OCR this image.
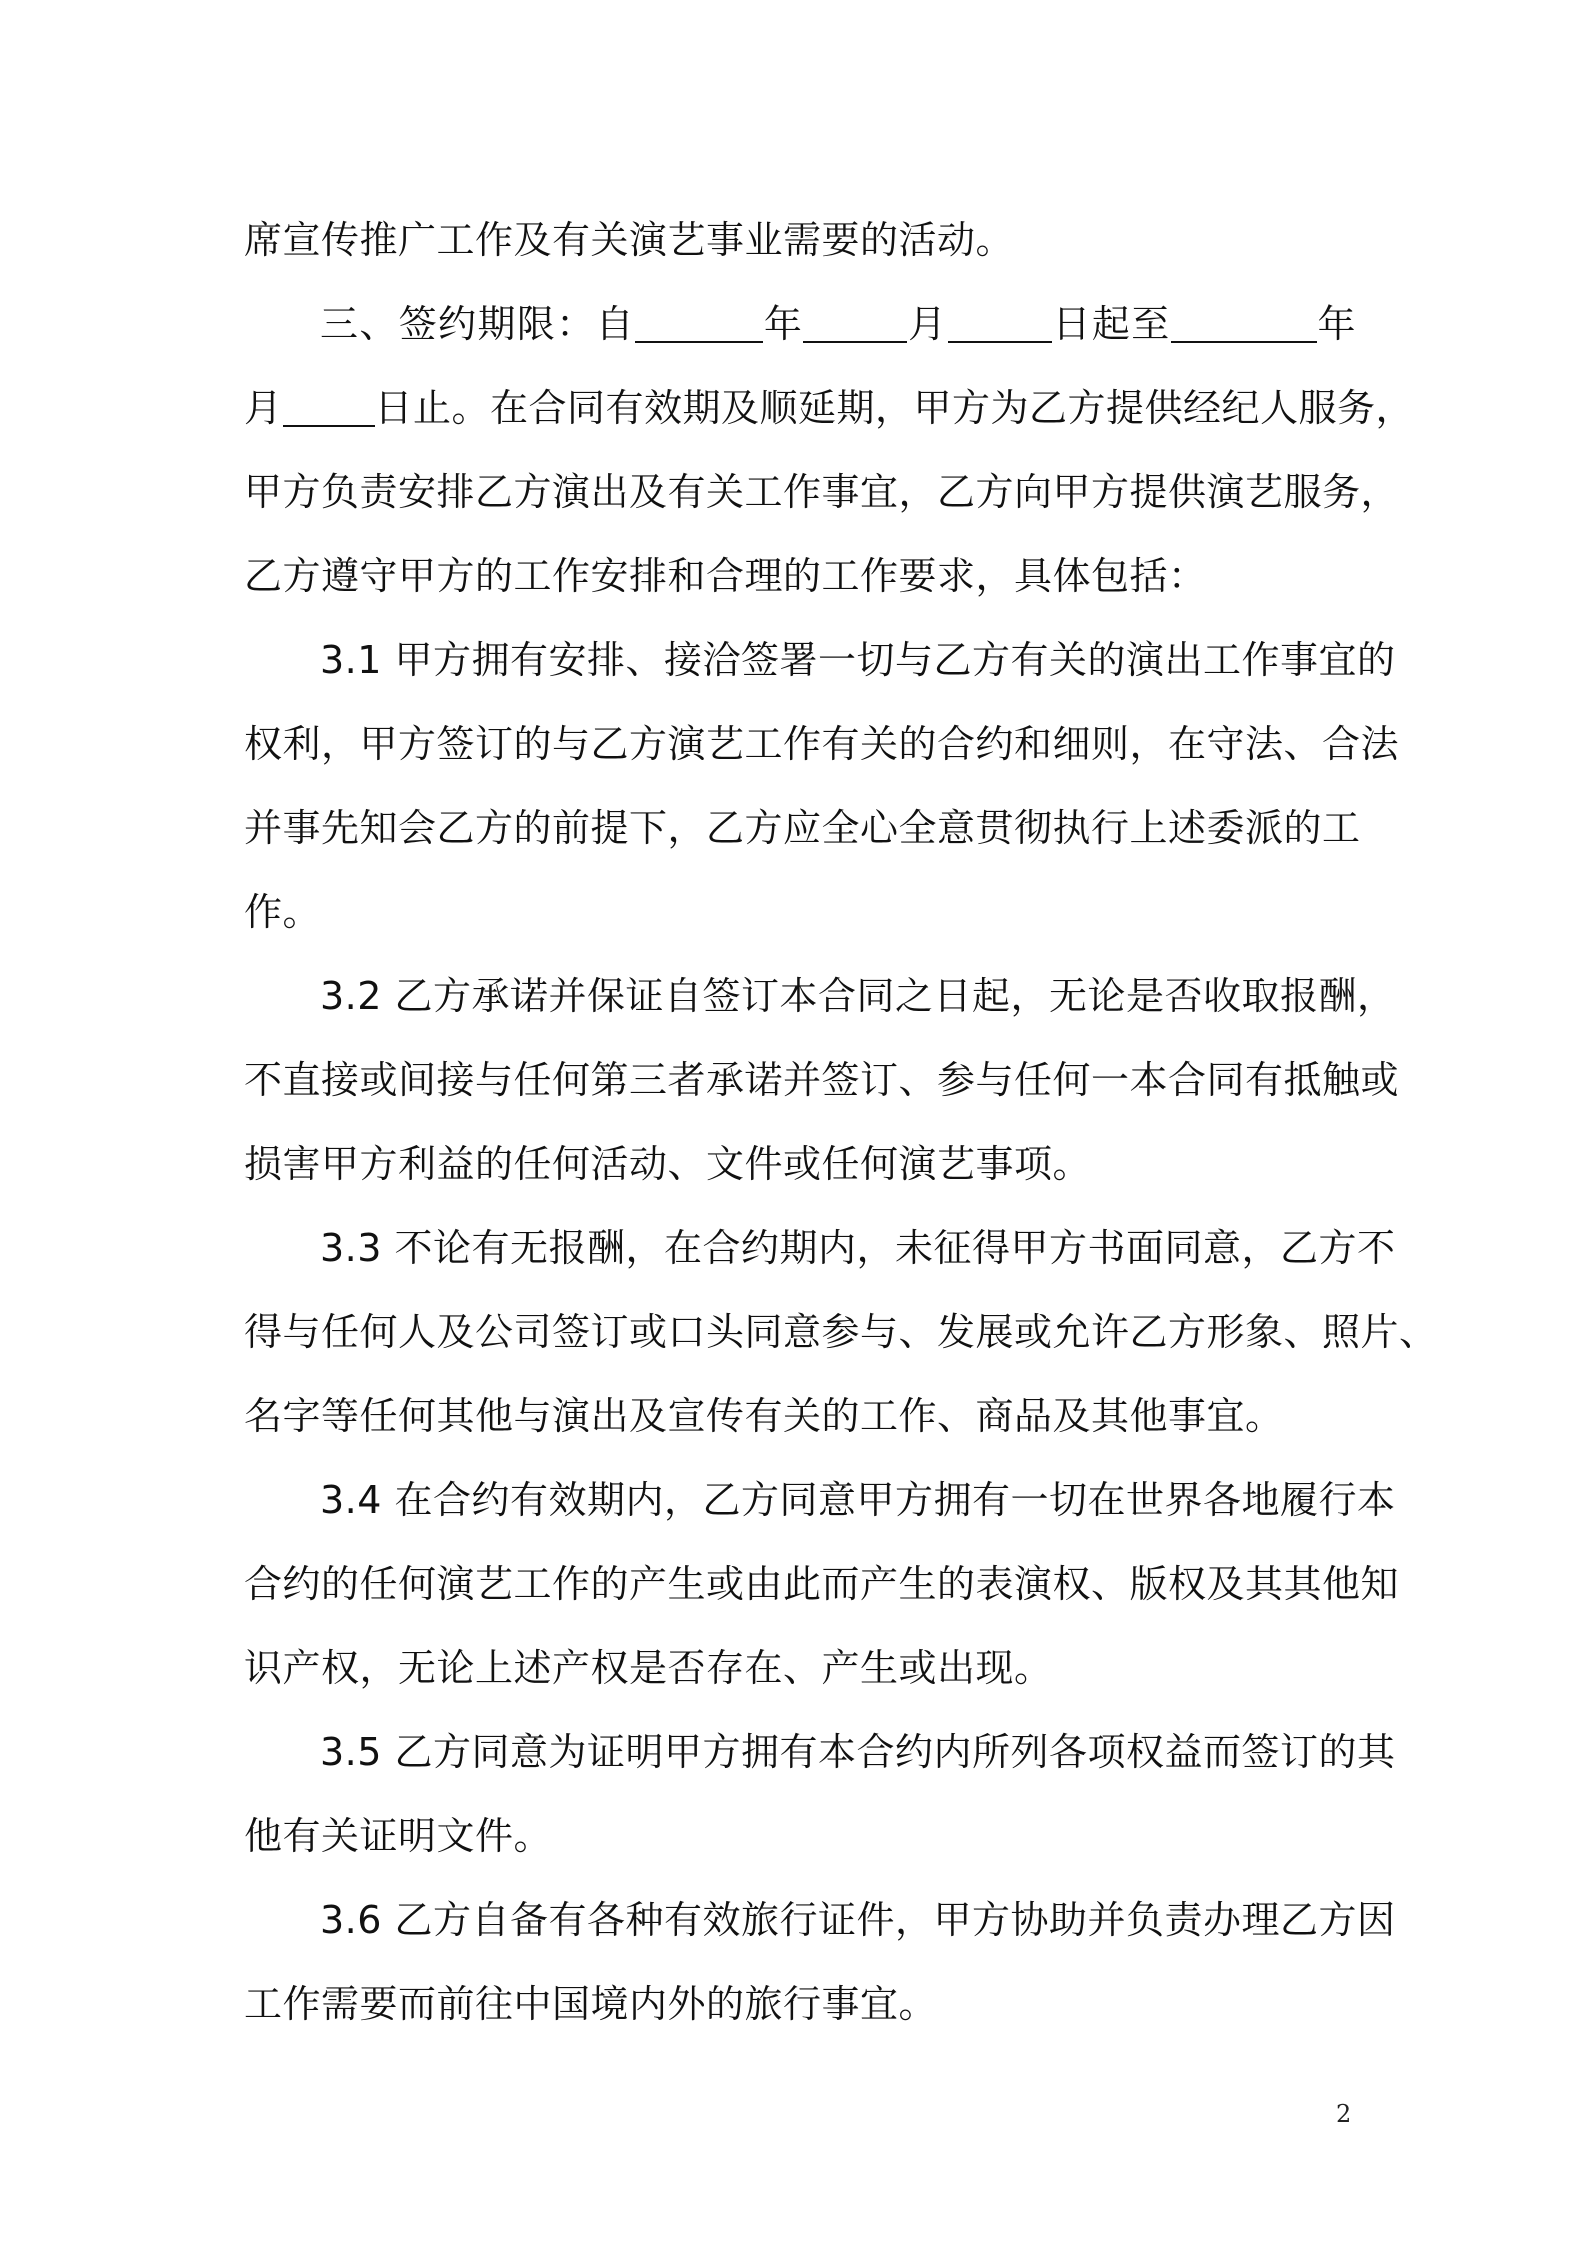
席宣传推广工作及有关演艺事业需要的活动。
三、签约期限：自	年	月	日起至	年
月 日止。在合同有效期及顺延期，甲方为乙方提供经纪人服务，
甲方负责安排乙方演出及有关工作事宜，乙方向甲方提供演艺服务，
乙方遵守甲方的工作安排和合理的工作要求，具体包括：
3.1 甲方拥有安排、接洽签署一切与乙方有关的演出工作事宜的
权利，甲方签订的与乙方演艺工作有关的合约和细则，在守法、合法
并事先知会乙方的前提下，乙方应全心全意贯彻执行上述委派的工
作。
3.2 乙方承诺并保证自签订本合同之日起，无论是否收取报酬，
不直接或间接与任何第三者承诺并签订、参与任何一本合同有抵触或
损害甲方利益的任何活动、文件或任何演艺事项。
3.3 不论有无报酬，在合约期内，未征得甲方书面同意，乙方不
得与任何人及公司签订或口头同意参与、发展或允许乙方形象、照片、
名字等任何其他与演出及宣传有关的工作、商品及其他事宜。
3.4 在合约有效期内，乙方同意甲方拥有一切在世界各地履行本
合约的任何演艺工作的产生或由此而产生的表演权、版权及其其他知
识产权，无论上述产权是否存在、产生或出现。
3.5 乙方同意为证明甲方拥有本合约内所列各项权益而签订的其
他有关证明文件。
3.6 乙方自备有各种有效旅行证件，甲方协助并负责办理乙方因
工作需要而前往中国境内外的旅行事宜。
2
